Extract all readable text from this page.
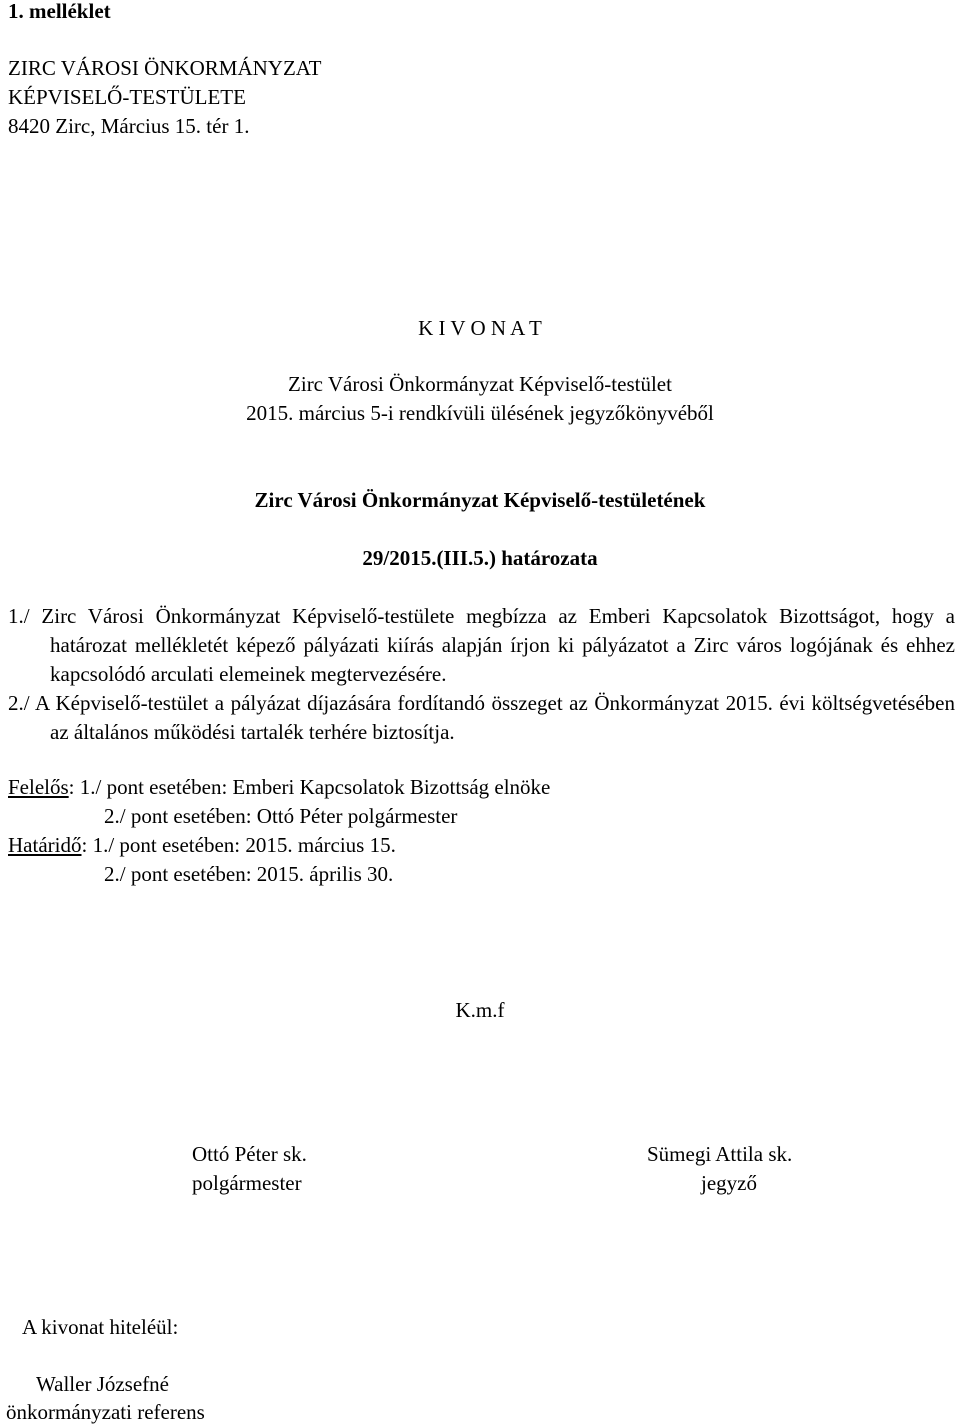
1. melléklet
ZIRC VÁROSI ÖNKORMÁNYZAT
KÉPVISELŐ-TESTÜLETE
8420 Zirc, Március 15. tér 1.
K I V O N A T
Zirc Városi Önkormányzat Képviselő-testület
2015. március 5-i rendkívüli ülésének jegyzőkönyvéből
Zirc Városi Önkormányzat Képviselő-testületének
29/2015.(III.5.) határozata
1./ Zirc Városi Önkormányzat Képviselő-testülete megbízza az Emberi Kapcsolatok Bizottságot, hogy a határozat mellékletét képező pályázati kiírás alapján írjon ki pályázatot a Zirc város logójának és ehhez kapcsolódó arculati elemeinek megtervezésére.
2./ A Képviselő-testület a pályázat díjazására fordítandó összeget az Önkormányzat 2015. évi költségvetésében az általános működési tartalék terhére biztosítja.
Felelős: 1./ pont esetében: Emberi Kapcsolatok Bizottság elnöke
2./ pont esetében: Ottó Péter polgármester
Határidő: 1./ pont esetében: 2015. március 15.
2./ pont esetében: 2015. április 30.
K.m.f
Ottó Péter sk.
polgármester
Sümegi Attila sk.
jegyző
A kivonat hiteléül:
Waller Józsefné
önkormányzati referens
